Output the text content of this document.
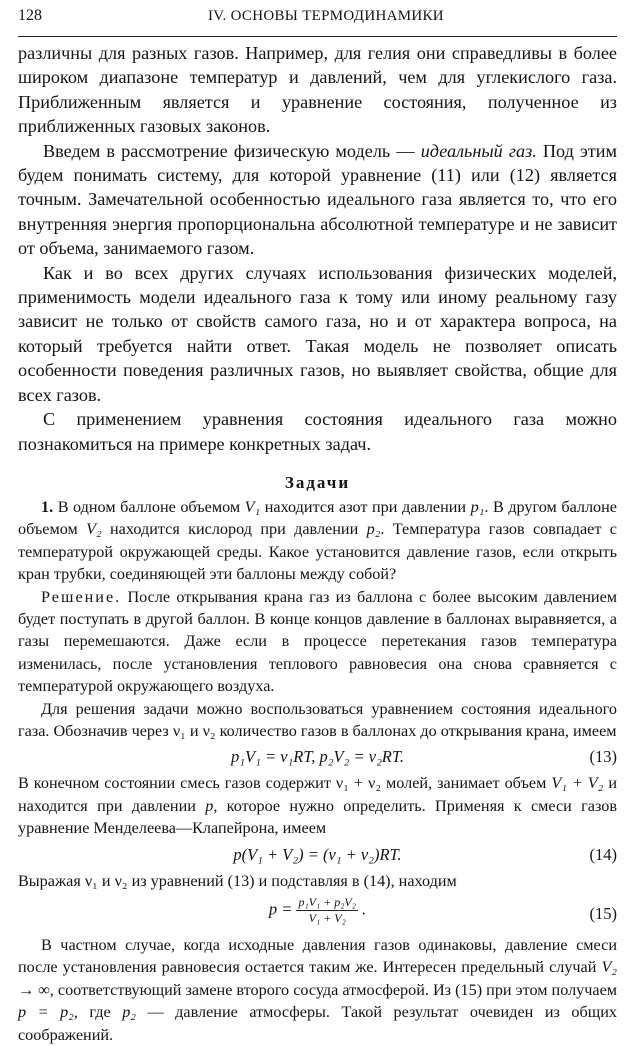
128	IV. ОСНОВЫ ТЕРМОДИНАМИКИ

различны для разных газов. Например, для гелия они справедливы в более широком диапазоне температур и давлений, чем для углекислого газа. Приближенным является и уравнение состояния, полученное из приближенных газовых законов.

Введем в рассмотрение физическую модель — идеальный газ. Под этим будем понимать систему, для которой уравнение (11) или (12) является точным. Замечательной особенностью идеального газа является то, что его внутренняя энергия пропорциональна абсолютной температуре и не зависит от объема, занимаемого газом.

Как и во всех других случаях использования физических моделей, применимость модели идеального газа к тому или иному реальному газу зависит не только от свойств самого газа, но и от характера вопроса, на который требуется найти ответ. Такая модель не позволяет описать особенности поведения различных газов, но выявляет свойства, общие для всех газов.

С применением уравнения состояния идеального газа можно познакомиться на примере конкретных задач.

Задачи

1. В одном баллоне объемом V₁ находится азот при давлении p₁. В другом баллоне объемом V₂ находится кислород при давлении p₂. Температура газов совпадает с температурой окружающей среды. Какое установится давление газов, если открыть кран трубки, соединяющей эти баллоны между собой?

Решение. После открывания крана газ из баллона с более высоким давлением будет поступать в другой баллон. В конце концов давление в баллонах выравняется, а газы перемешаются. Даже если в процессе перетекания газов температура изменилась, после установления теплового равновесия она снова сравняется с температурой окружающего воздуха.

Для решения задачи можно воспользоваться уравнением состояния идеального газа. Обозначив через ν₁ и ν₂ количество газов в баллонах до открывания крана, имеем

p₁V₁ = ν₁RT, p₂V₂ = ν₂RT.	(13)

В конечном состоянии смесь газов содержит ν₁ + ν₂ молей, занимает объем V₁ + V₂ и находится при давлении p, которое нужно определить. Применяя к смеси газов уравнение Менделеева—Клапейрона, имеем

p(V₁ + V₂) = (ν₁ + ν₂)RT.	(14)

Выражая ν₁ и ν₂ из уравнений (13) и подставляя в (14), находим

$p = \frac{\text{p₁V₁ + p₂V₂}}{\text{V₁ + V₂}}$ .	(15)

В частном случае, когда исходные давления газов одинаковы, давление смеси после установления равновесия остается таким же. Интересен предельный случай V₂ → ∞, соответствующий замене второго сосуда атмосферой. Из (15) при этом получаем p = p₂, где p₂ — давление атмосферы. Такой результат очевиден из общих соображений.
